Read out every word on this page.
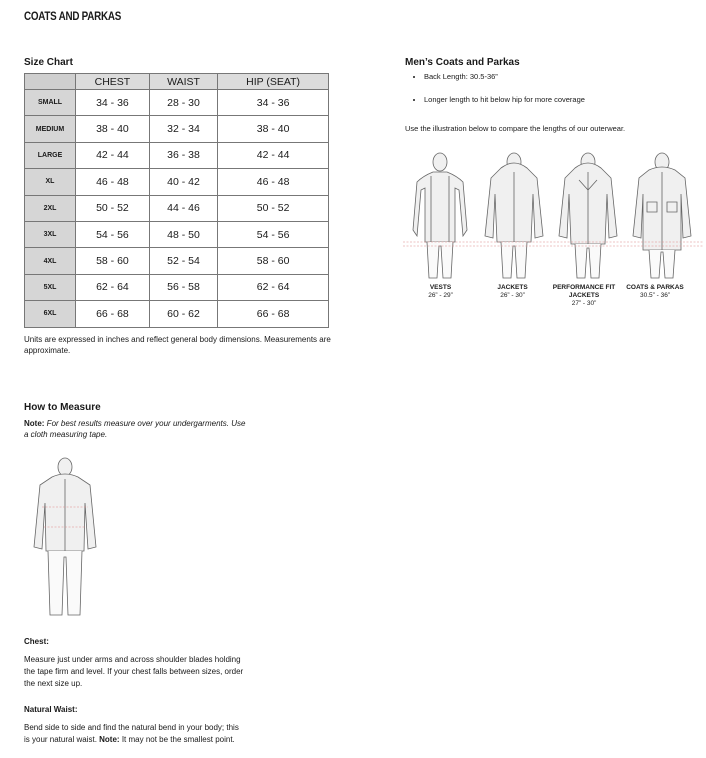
COATS AND PARKAS
Size Chart
	CHEST	WAIST	HIP (SEAT)
SMALL	34 - 36	28 - 30	34 - 36
MEDIUM	38 - 40	32 - 34	38 - 40
LARGE	42 - 44	36 - 38	42 - 44
XL	46 - 48	40 - 42	46 - 48
2XL	50 - 52	44 - 46	50 - 52
3XL	54 - 56	48 - 50	54 - 56
4XL	58 - 60	52 - 54	58 - 60
5XL	62 - 64	56 - 58	62 - 64
6XL	66 - 68	60 - 62	66 - 68
Units are expressed in inches and reflect general body dimensions. Measurements are approximate.
Men’s Coats and Parkas
• Back Length: 30.5-36”
• Longer length to hit below hip for more coverage
Use the illustration below to compare the lengths of our outerwear.
VESTS
26” - 29”
JACKETS
26” - 30”
PERFORMANCE FIT
JACKETS
27” - 30”
COATS & PARKAS
30.5” - 36”
How to Measure
Note: For best results measure over your undergarments. Use a cloth measuring tape.
Chest:
Measure just under arms and across shoulder blades holding the tape firm and level. If your chest falls between sizes, order the next size up.
Natural Waist:
Bend side to side and find the natural bend in your body; this is your natural waist. Note: It may not be the smallest point.
